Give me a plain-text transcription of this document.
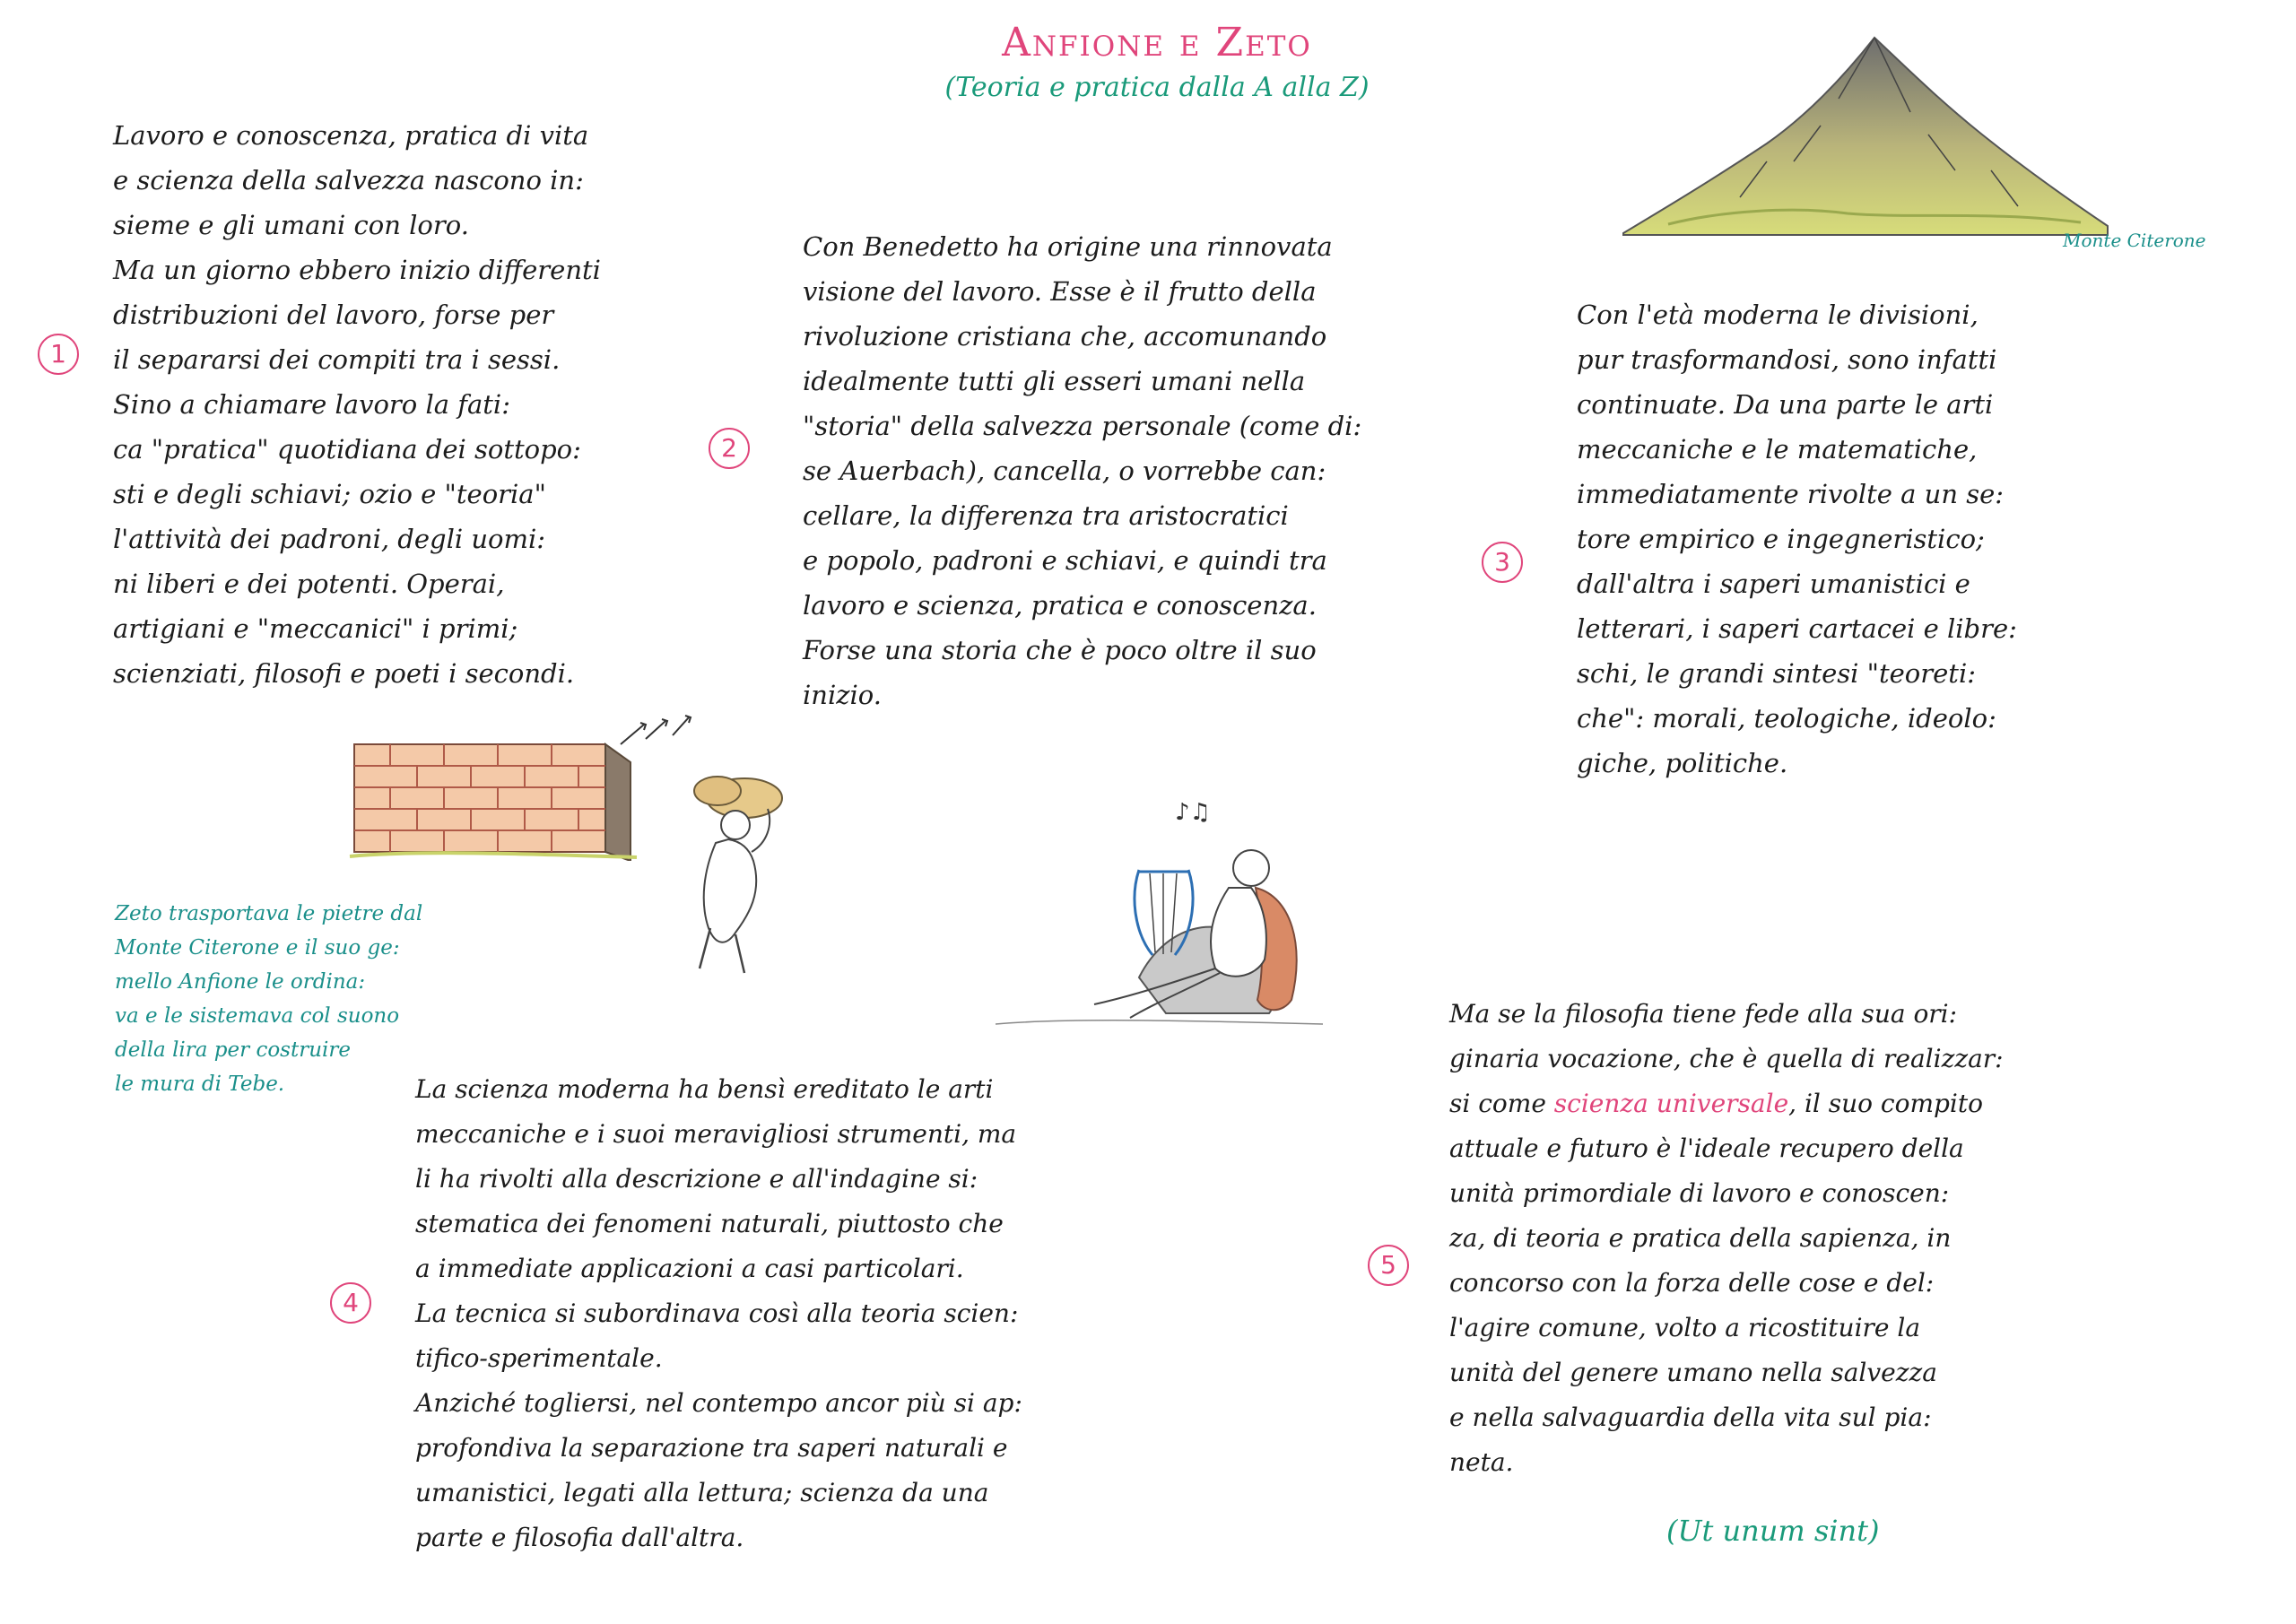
Anfione e Zeto
(Teoria e pratica dalla A alla Z)
1
Lavoro e conoscenza, pratica di vita
e scienza della salvezza nascono in:
sieme e gli umani con loro.
Ma un giorno ebbero inizio differenti
distribuzioni del lavoro, forse per
il separarsi dei compiti tra i sessi.
Sino a chiamare lavoro la fati:
ca "pratica" quotidiana dei sottopo:
sti e degli schiavi; ozio e "teoria"
l'attività dei padroni, degli uomi:
ni liberi e dei potenti. Operai,
artigiani e "meccanici" i primi;
scienziati, filosofi e poeti i secondi.
2
Con Benedetto ha origine una rinnovata
visione del lavoro. Esse è il frutto della
rivoluzione cristiana che, accomunando
idealmente tutti gli esseri umani nella
"storia" della salvezza personale (come di:
se Auerbach), cancella, o vorrebbe can:
cellare, la differenza tra aristocratici
e popolo, padroni e schiavi, e quindi tra
lavoro e scienza, pratica e conoscenza.
Forse una storia che è poco oltre il suo
inizio.
3
Con l'età moderna le divisioni,
pur trasformandosi, sono infatti
continuate. Da una parte le arti
meccaniche e le matematiche,
immediatamente rivolte a un se:
tore empirico e ingegneristico;
dall'altra i saperi umanistici e
letterari, i saperi cartacei e libre:
schi, le grandi sintesi "teoreti:
che": morali, teologiche, ideolo:
giche, politiche.
4
La scienza moderna ha bensì ereditato le arti
meccaniche e i suoi meravigliosi strumenti, ma
li ha rivolti alla descrizione e all'indagine si:
stematica dei fenomeni naturali, piuttosto che
a immediate applicazioni a casi particolari.
La tecnica si subordinava così alla teoria scien:
tifico-sperimentale.
Anziché togliersi, nel contempo ancor più si ap:
profondiva la separazione tra saperi naturali e
umanistici, legati alla lettura; scienza da una
parte e filosofia dall'altra.
5
Ma se la filosofia tiene fede alla sua ori:
ginaria vocazione, che è quella di realizzar:
si come scienza universale, il suo compito
attuale e futuro è l'ideale recupero della
unità primordiale di lavoro e conoscen:
za, di teoria e pratica della sapienza, in
concorso con la forza delle cose e del:
l'agire comune, volto a ricostituire la
unità del genere umano nella salvezza
e nella salvaguardia della vita sul pia:
neta.
(Ut unum sint)
Monte Citerone
♪♫
Zeto trasportava le pietre dal
Monte Citerone e il suo ge:
mello Anfione le ordina:
va e le sistemava col suono
della lira per costruire
le mura di Tebe.
